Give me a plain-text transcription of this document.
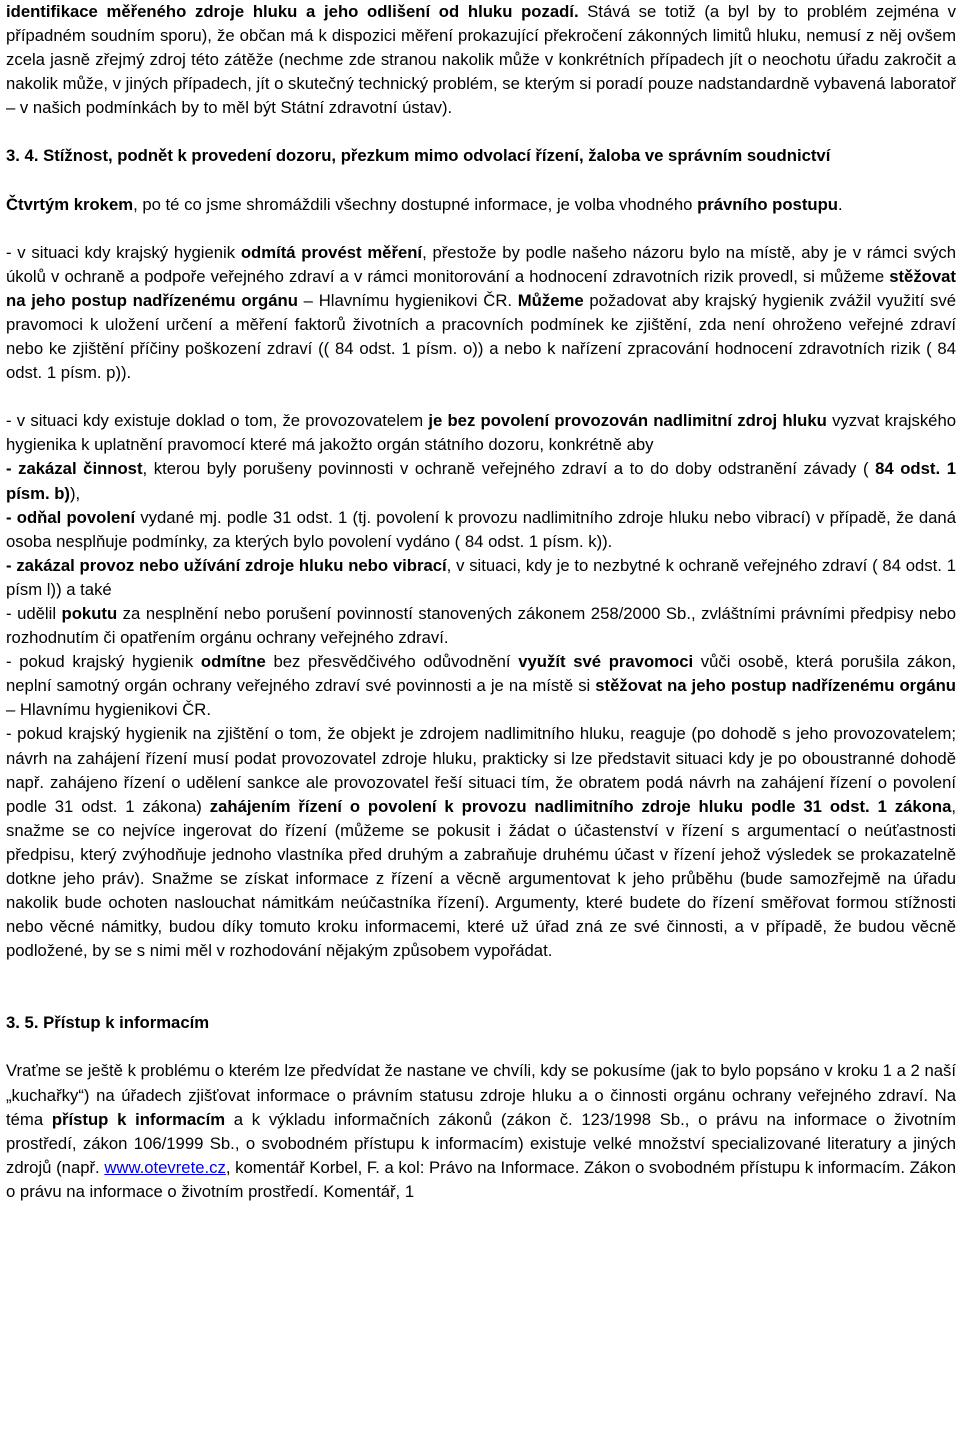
identifikace měřeného zdroje hluku a jeho odlišení od hluku pozadí. Stává se totiž (a byl by to problém zejména v případném soudním sporu), že občan má k dispozici měření prokazující překročení zákonných limitů hluku, nemusí z něj ovšem zcela jasně zřejmý zdroj této zátěže (nechme zde stranou nakolik může v konkrétních případech jít o neochotu úřadu zakročit a nakolik může, v jiných případech, jít o skutečný technický problém, se kterým si poradí pouze nadstandardně vybavená laboratoř – v našich podmínkách by to měl být Státní zdravotní ústav).

3. 4. Stížnost, podnět k provedení dozoru, přezkum mimo odvolací řízení, žaloba ve správním soudnictví

Čtvrtým krokem, po té co jsme shromáždili všechny dostupné informace, je volba vhodného právního postupu.

- v situaci kdy krajský hygienik odmítá provést měření, přestože by podle našeho názoru bylo na místě, aby je v rámci svých úkolů v ochraně a podpoře veřejného zdraví a v rámci monitorování a hodnocení zdravotních rizik provedl, si můžeme stěžovat na jeho postup nadřízenému orgánu – Hlavnímu hygienikovi ČR. Můžeme požadovat aby krajský hygienik zvážil využití své pravomoci k uložení určení a měření faktorů životních a pracovních podmínek ke zjištění, zda není ohroženo veřejné zdraví nebo ke zjištění příčiny poškození zdraví (( 84 odst. 1 písm. o)) a nebo k nařízení zpracování hodnocení zdravotních rizik ( 84 odst. 1 písm. p)).

- v situaci kdy existuje doklad o tom, že provozovatelem je bez povolení provozován nadlimitní zdroj hluku vyzvat krajského hygienika k uplatnění pravomocí které má jakožto orgán státního dozoru, konkrétně aby

- zakázal činnost, kterou byly porušeny povinnosti v ochraně veřejného zdraví a to do doby odstranění závady ( 84 odst. 1 písm. b)),

- odňal povolení vydané mj. podle 31 odst. 1 (tj. povolení k provozu nadlimitního zdroje hluku nebo vibrací) v případě, že daná osoba nesplňuje podmínky, za kterých bylo povolení vydáno ( 84 odst. 1 písm. k)).

- zakázal provoz nebo užívání zdroje hluku nebo vibrací, v situaci, kdy je to nezbytné k ochraně veřejného zdraví ( 84 odst. 1 písm l)) a také

- udělil pokutu za nesplnění nebo porušení povinností stanovených zákonem 258/2000 Sb., zvláštními právními předpisy nebo rozhodnutím či opatřením orgánu ochrany veřejného zdraví.

- pokud krajský hygienik odmítne bez přesvědčivého odůvodnění využít své pravomoci vůči osobě, která porušila zákon, neplní samotný orgán ochrany veřejného zdraví své povinnosti a je na místě si stěžovat na jeho postup nadřízenému orgánu – Hlavnímu hygienikovi ČR.

- pokud krajský hygienik na zjištění o tom, že objekt je zdrojem nadlimitního hluku, reaguje (po dohodě s jeho provozovatelem; návrh na zahájení řízení musí podat provozovatel zdroje hluku, prakticky si lze představit situaci kdy je po oboustranné dohodě např. zahájeno řízení o udělení sankce ale provozovatel řeší situaci tím, že obratem podá návrh na zahájení řízení o povolení podle 31 odst. 1 zákona) zahájením řízení o povolení k provozu nadlimitního zdroje hluku podle 31 odst. 1 zákona, snažme se co nejvíce ingerovat do řízení (můžeme se pokusit i žádat o účastenství v řízení s argumentací o neúťastnosti předpisu, který zvýhodňuje jednoho vlastníka před druhým a zabraňuje druhému účast v řízení jehož výsledek se prokazatelně dotkne jeho práv). Snažme se získat informace z řízení a věcně argumentovat k jeho průběhu (bude samozřejmě na úřadu nakolik bude ochoten naslouchat námitkám neúčastníka řízení). Argumenty, které budete do řízení směřovat formou stížnosti nebo věcné námitky, budou díky tomuto kroku informacemi, které už úřad zná ze své činnosti, a v případě, že budou věcně podložené, by se s nimi měl v rozhodování nějakým způsobem vypořádat.

3. 5. Přístup k informacím

Vraťme se ještě k problému o kterém lze předvídat že nastane ve chvíli, kdy se pokusíme (jak to bylo popsáno v kroku 1 a 2 naší „kuchařky“) na úřadech zjišťovat informace o právním statusu zdroje hluku a o činnosti orgánu ochrany veřejného zdraví. Na téma přístup k informacím a k výkladu informačních zákonů (zákon č. 123/1998 Sb., o právu na informace o životním prostředí, zákon 106/1999 Sb., o svobodném přístupu k informacím) existuje velké množství specializované literatury a jiných zdrojů (např. www.otevrete.cz, komentář Korbel, F. a kol: Právo na Informace. Zákon o svobodném přístupu k informacím. Zákon o právu na informace o životním prostředí. Komentář, 1
